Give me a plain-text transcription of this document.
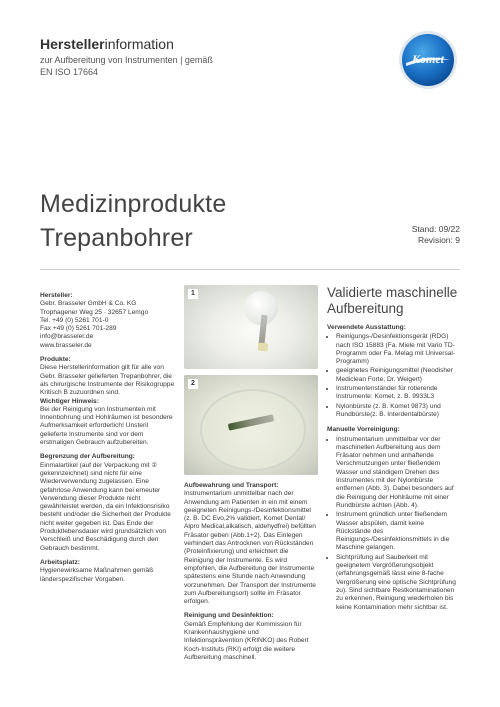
Herstellerinformation
zur Aufbereitung von Instrumenten | gemäß
EN ISO 17664
Komet
Medizinprodukte
Trepanbohrer	Stand: 09/22
Revision: 9
Hersteller:
Gebr. Brasseler GmbH & Co. KG
Trophagener Weg 25 · 32657 Lemgo
Tel. +49 (0) 5261 701-0
Fax +49 (0) 5261 701-289
info@brasseler.de
www.brasseler.de
Produkte:

Diese Herstellerinformation gilt für alle von Gebr. Brasseler gelieferten Trepanbohrer, die als chirurgische Instrumente der Risikogruppe Kritisch B zuzuordnen sind.

Wichtiger Hinweis:

Bei der Reinigung von Instrumenten mit Innenbohrung und Hohlräumen ist besondere Aufmerksamkeit erforderlich! Unsteril gelieferte Instrumente sind vor dem erstmaligen Gebrauch aufzubereiten.

Begrenzung der Aufbereitung:

Einmalartikel (auf der Verpackung mit ② gekennzeichnet) sind nicht für eine Wiederverwendung zugelassen. Eine gefahrlose Anwendung kann bei erneuter Verwendung dieser Produkte nicht gewährleistet werden, da ein Infektionsrisiko besteht und/oder die Sicherheit der Produkte nicht weiter gegeben ist. Das Ende der Produktlebensdauer wird grundsätzlich von Verschleiß und Beschädigung durch den Gebrauch bestimmt.

Arbeitsplatz:

Hygienewirksame Maßnahmen gemäß länderspezifischer Vorgaben.

1
2
Aufbewahrung und Transport:

Instrumentarium unmittelbar nach der Anwendung am Patienten in ein mit einem geeigneten Reinigungs-/Desinfektionsmittel (z. B. DC Evo,2% validiert, Komet Dental/ Alpro Medical,alkalisch, aldehydfrei) befüllten Fräsator geben (Abb.1+2). Das Einlegen verhindert das Antrocknen von Rückständen (Proteinfixierung) und erleichtert die Reinigung der Instrumente. Es wird empfohlen, die Aufbereitung der Instrumente spätestens eine Stunde nach Anwendung vorzunehmen. Der Transport der Instrumente zum Aufbereitungsort) sollte im Fräsator erfolgen.

Reinigung und Desinfektion:

Gemäß Empfehlung der Kommission für Krankenhaushygiene und Infektionsprävention (KRINKO) des Robert Koch-Instituts (RKI) erfolgt die weitere Aufbereitung maschinell.

Validierte maschinelle
Aufbereitung
Verwendete Ausstattung:
• Reinigungs-/Desinfektionsgerät (RDG) nach ISO 15883 (Fa. Miele mit Vario TD-Programm oder Fa. Melag mit Universal-Programm)
• geeignetes Reinigungsmittel (Neodisher Mediclean Forte; Dr. Weigert)
• Instrumentenständer für rotierende Instrumente: Komet, z. B. 9933L3
• Nylonbürste (z. B. Komet 9873) und Rundbürste(z. B. Interdentalbürste)
Manuelle Vorreinigung:
• Instrumentarium unmittelbar vor der maschinellen Aufbereitung aus dem Fräsator nehmen und anhaftende Verschmutzungen unter fließendem Wasser und ständigem Drehen des Instrumentes mit der Nylonbürste entfernen (Abb. 3). Dabei besonders auf die Reinigung der Hohlräume mit einer Rundbürste achten (Abb. 4).
• Instrument gründlich unter fließendem Wasser abspülen, damit keine Rückstände des Reinigungs-/Desinfektionsmittels in die Maschine gelangen.
• Sichtprüfung auf Sauberkeit mit geeignetem Vergrößerungsobjekt (erfahrungsgemäß lässt eine 8-fache Vergrößerung eine optische Sichtprüfung zu). Sind sichtbare Restkontaminationen zu erkennen, Reinigung wiederholen bis keine Kontamination mehr sichtbar ist.
